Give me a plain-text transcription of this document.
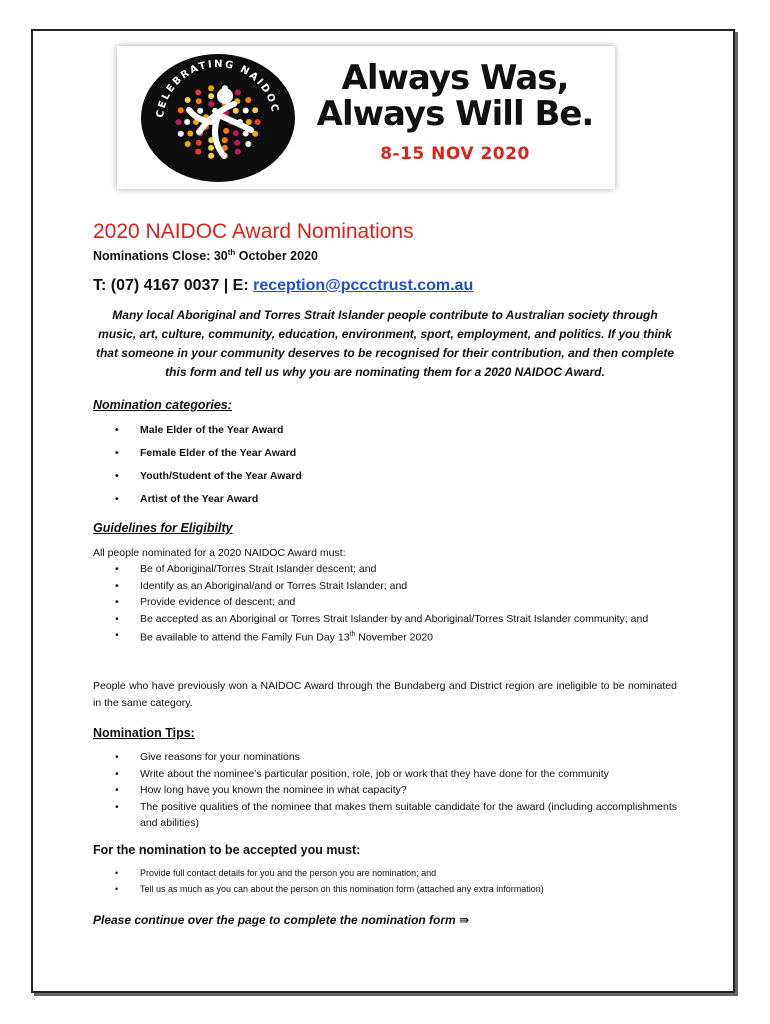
CELEBRATING NAIDOC
Always Was,
Always Will Be.
8-15 NOV 2020
2020 NAIDOC Award Nominations
Nominations Close: 30th October 2020
T: (07) 4167 0037 | E: reception@pccctrust.com.au
Many local Aboriginal and Torres Strait Islander people contribute to Australian society through music, art, culture, community, education, environment, sport, employment, and politics. If you think that someone in your community deserves to be recognised for their contribution, and then complete this form and tell us why you are nominating them for a 2020 NAIDOC Award.
Nomination categories:
• Male Elder of the Year Award
• Female Elder of the Year Award
• Youth/Student of the Year Award
• Artist of the Year Award
Guidelines for Eligibilty
All people nominated for a 2020 NAIDOC Award must:
• Be of Aboriginal/Torres Strait Islander descent; and
• Identify as an Aboriginal/and or Torres Strait Islander; and
• Provide evidence of descent; and
• Be accepted as an Aboriginal or Torres Strait Islander by and Aboriginal/Torres Strait Islander community; and
• Be available to attend the Family Fun Day 13th November 2020
People who have previously won a NAIDOC Award through the Bundaberg and District region are ineligible to be nominated in the same category.
Nomination Tips:
• Give reasons for your nominations
• Write about the nominee’s particular position, role, job or work that they have done for the community
• How long have you known the nominee in what capacity?
• The positive qualities of the nominee that makes them suitable candidate for the award (including accomplishments and abilities)
For the nomination to be accepted you must:
• Provide full contact details for you and the person you are nomination; and
• Tell us as much as you can about the person on this nomination form (attached any extra information)
Please continue over the page to complete the nomination form ⇛
